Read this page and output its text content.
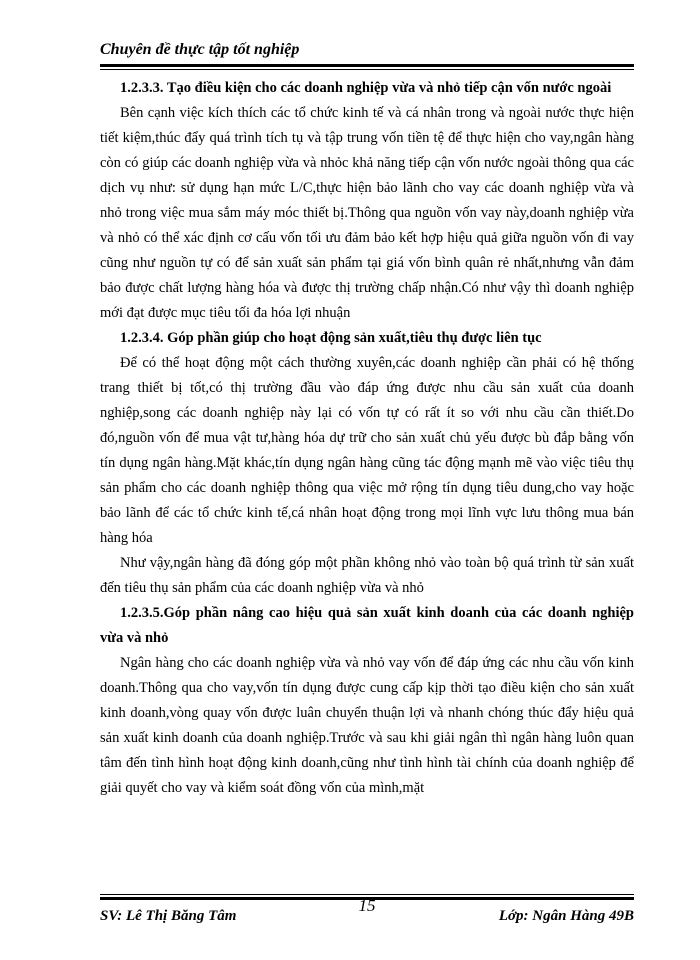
Chuyên đề thực tập tốt nghiệp

1.2.3.3. Tạo điều kiện cho các doanh nghiệp vừa và nhỏ tiếp cận vốn nước ngoài

Bên cạnh việc kích thích các tổ chức kinh tế và cá nhân trong và ngoài nước thực hiện tiết kiệm,thúc đẩy quá trình tích tụ và tập trung vốn tiền tệ để thực hiện cho vay,ngân hàng còn có giúp các doanh nghiệp vừa và nhỏc khả năng tiếp cận vốn nước ngoài thông qua các dịch vụ như: sử dụng hạn mức L/C,thực hiện bảo lãnh cho vay các doanh nghiệp vừa và nhỏ trong việc mua sắm máy móc thiết bị.Thông qua nguồn vốn vay này,doanh nghiệp vừa và nhỏ có thể xác định cơ cấu vốn tối ưu đảm bảo kết hợp hiệu quả giữa nguồn vốn đi vay cũng như nguồn tự có để sản xuất sản phẩm tại giá vốn bình quân rẻ nhất,nhưng vẫn đảm bảo được chất lượng hàng hóa và được thị trường chấp nhận.Có như vậy thì doanh nghiệp mới đạt được mục tiêu tối đa hóa lợi nhuận

1.2.3.4. Góp phần giúp cho hoạt động sản xuất,tiêu thụ được liên tục

Để có thể hoạt động một cách thường xuyên,các doanh nghiệp cần phải có hệ thống trang thiết bị tốt,có thị trường đầu vào đáp ứng được nhu cầu sản xuất của doanh nghiệp,song các doanh nghiệp này lại có vốn tự có rất ít so với nhu cầu cần thiết.Do đó,nguồn vốn để mua vật tư,hàng hóa dự trữ cho sản xuất chủ yếu được bù đắp bằng vốn tín dụng ngân hàng.Mặt khác,tín dụng ngân hàng cũng tác động mạnh mẽ vào việc tiêu thụ sản phẩm cho các doanh nghiệp thông qua việc mở rộng tín dụng tiêu dung,cho vay hoặc bảo lãnh để các tổ chức kinh tế,cá nhân hoạt động trong mọi lĩnh vực lưu thông mua bán hàng hóa

Như vậy,ngân hàng đã đóng góp một phần không nhỏ vào toàn bộ quá trình từ sản xuất đến tiêu thụ sản phẩm của các doanh nghiệp vừa và nhỏ

1.2.3.5.Góp phần nâng cao hiệu quả sản xuất kinh doanh của các doanh nghiệp vừa và nhỏ

Ngân hàng cho các doanh nghiệp vừa và nhỏ vay vốn để đáp ứng các nhu cầu vốn kinh doanh.Thông qua cho vay,vốn tín dụng được cung cấp kịp thời tạo điều kiện cho sản xuất kinh doanh,vòng quay vốn được luân chuyển thuận lợi và nhanh chóng thúc đẩy hiệu quả sản xuất kinh doanh của doanh nghiệp.Trước và sau khi giải ngân thì ngân hàng luôn quan tâm đến tình hình hoạt động kinh doanh,cũng như tình hình tài chính của doanh nghiệp để giải quyết cho vay và kiểm soát đồng vốn của mình,mặt

SV: Lê Thị Băng Tâm
15
Lớp: Ngân Hàng 49B
